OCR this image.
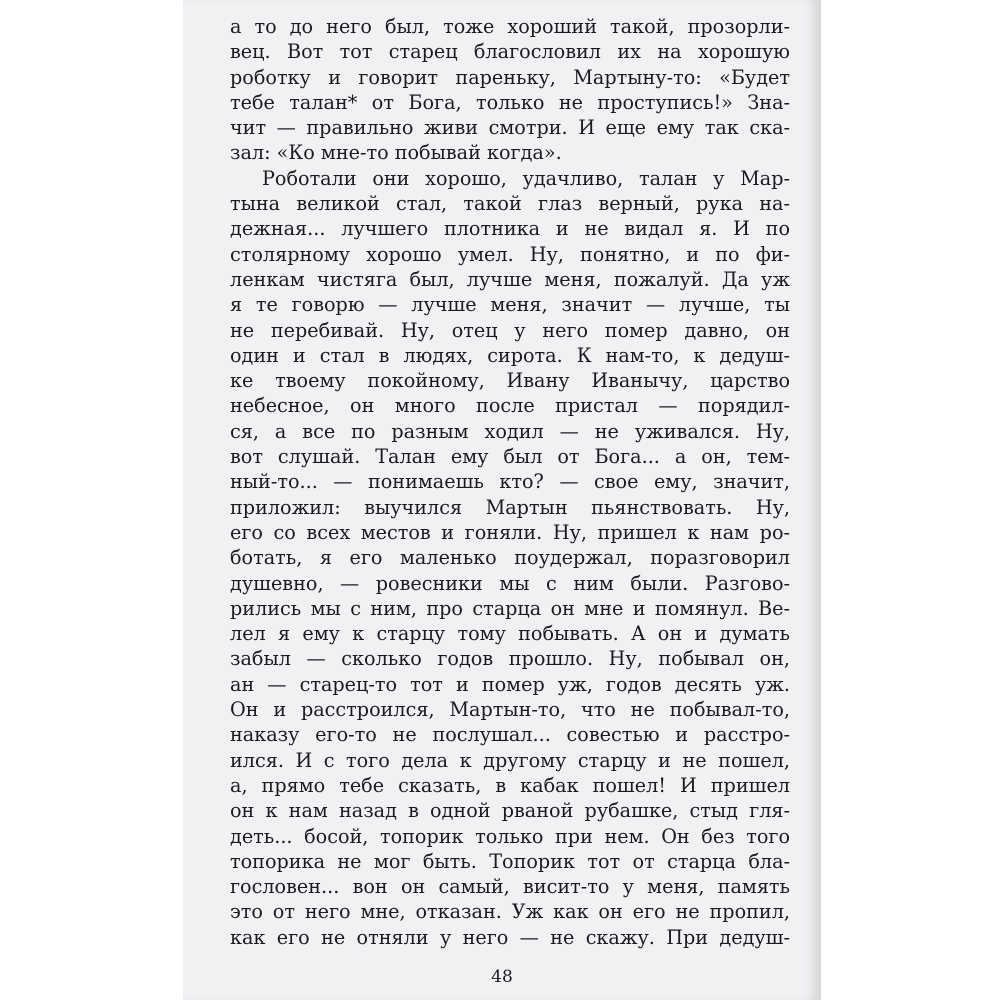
а то до него был, тоже хороший такой, прозорли-
вец. Вот тот старец благословил их на хорошую
роботку и говорит пареньку, Мартыну-то: «Будет
тебе талан* от Бога, только не проступись!» Зна-
чит — правильно живи смотри. И еще ему так ска-
зал: «Ко мне-то побывай когда».
Роботали они хорошо, удачливо, талан у Мар-
тына великой стал, такой глаз верный, рука на-
дежная... лучшего плотника и не видал я. И по
столярному хорошо умел. Ну, понятно, и по фи-
ленкам чистяга был, лучше меня, пожалуй. Да уж
я те говорю — лучше меня, значит — лучше, ты
не перебивай. Ну, отец у него помер давно, он
один и стал в людях, сирота. К нам-то, к дедуш-
ке твоему покойному, Ивану Иванычу, царство
небесное, он много после пристал — порядил-
ся, а все по разным ходил — не уживался. Ну,
вот слушай. Талан ему был от Бога... а он, тем-
ный-то... — понимаешь кто? — свое ему, значит,
приложил: выучился Мартын пьянствовать. Ну,
его со всех местов и гоняли. Ну, пришел к нам ро-
ботать, я его маленько поудержал, поразговорил
душевно, — ровесники мы с ним были. Разгово-
рились мы с ним, про старца он мне и помянул. Ве-
лел я ему к старцу тому побывать. А он и думать
забыл — сколько годов прошло. Ну, побывал он,
ан — старец-то тот и помер уж, годов десять уж.
Он и расстроился, Мартын-то, что не побывал-то,
наказу его-то не послушал... совестью и расстро-
ился. И с того дела к другому старцу и не пошел,
а, прямо тебе сказать, в кабак пошел! И пришел
он к нам назад в одной рваной рубашке, стыд гля-
деть... босой, топорик только при нем. Он без того
топорика не мог быть. Топорик тот от старца бла-
гословен... вон он самый, висит-то у меня, память
это от него мне, отказан. Уж как он его не пропил,
как его не отняли у него — не скажу. При дедуш-
48
